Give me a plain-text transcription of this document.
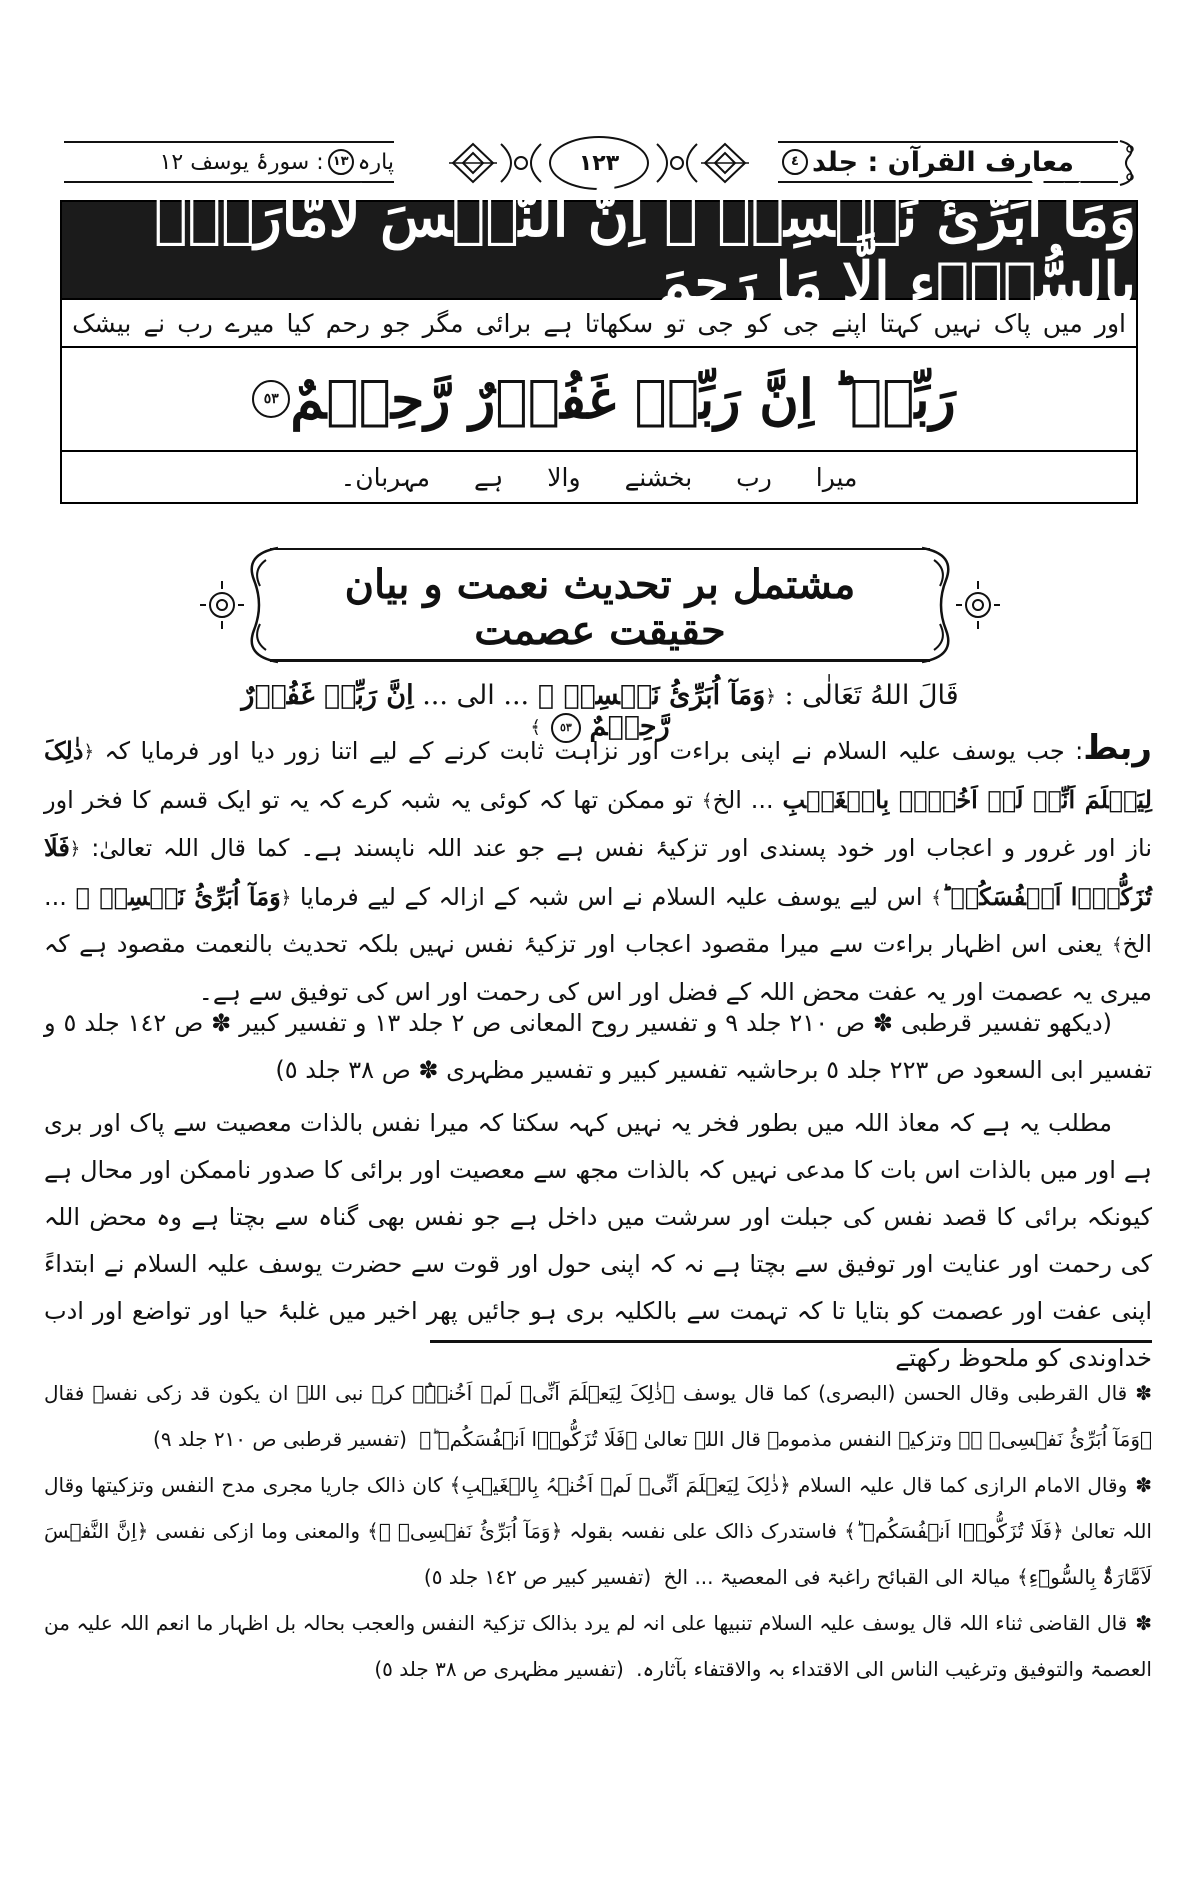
معارف القرآن : جلد
٤
١٢٣
پارہ
١٣
: سورۂ یوسف ١٢
وَمَآ اُبَرِّئُ نَفۡسِیۡ ۚ اِنَّ النَّفۡسَ لَاَمَّارَةٌۢ بِالسُّوۡٓءِ اِلَّا مَا رَحِمَ
اور
میں
پاک
نہیں
کہتا
اپنے
جی
کو
جی
تو
سکھاتا
ہے
برائی
مگر
جو
رحم
کیا
میرے
رب
نے
بیشک
رَبِّیۡ ؕ اِنَّ رَبِّیۡ غَفُوۡرٌ رَّحِیۡمٌ
٥٣
میرا
رب
بخشنے
والا
ہے
مہربان۔
مشتمل بر تحدیث نعمت و بیان حقیقت عصمت
قَالَ اللهُ تَعَالٰی : ﴿وَمَآ اُبَرِّئُ نَفۡسِیۡ ۚ ... الی ... اِنَّ رَبِّیۡ غَفُوۡرٌ رَّحِیۡمٌ ٥٣﴾
ربط: جب یوسف علیہ السلام نے اپنی براءت اور نزاہت ثابت کرنے کے لیے اتنا زور دیا اور فرمایا کہ ﴿ذٰلِکَ لِیَعۡلَمَ اَنِّیۡ لَمۡ اَخُنۡہُ بِالۡغَیۡبِ ... الخ﴾ تو ممکن تھا کہ کوئی یہ شبہ کرے کہ یہ تو ایک قسم کا فخر اور ناز اور غرور و اعجاب اور خود پسندی اور تزکیۂ نفس ہے جو عند اللہ ناپسند ہے۔ کما قال اللہ تعالیٰ: ﴿فَلَا تُزَکُّوۡۤا اَنۡفُسَکُمۡ ؕ﴾ اس لیے یوسف علیہ السلام نے اس شبہ کے ازالہ کے لیے فرمایا ﴿وَمَآ اُبَرِّئُ نَفۡسِیۡ ۚ ... الخ﴾ یعنی اس اظہار براءت سے میرا مقصود اعجاب اور تزکیۂ نفس نہیں بلکہ تحدیث بالنعمت مقصود ہے کہ میری یہ عصمت اور یہ عفت محض اللہ کے فضل اور اس کی رحمت اور اس کی توفیق سے ہے۔
(دیکھو تفسیر قرطبی ✽ ص ٢١٠ جلد ٩ و تفسیر روح المعانی ص ٢ جلد ١٣ و تفسیر کبیر ✽ ص ١٤٢ جلد ٥ و تفسیر ابی السعود ص ٢٢٣ جلد ٥ برحاشیہ تفسیر کبیر و تفسیر مظہری ✽ ص ٣٨ جلد ٥)
مطلب یہ ہے کہ معاذ اللہ میں بطور فخر یہ نہیں کہہ سکتا کہ میرا نفس بالذات معصیت سے پاک اور بری ہے اور میں بالذات اس بات کا مدعی نہیں کہ بالذات مجھ سے معصیت اور برائی کا صدور ناممکن اور محال ہے کیونکہ برائی کا قصد نفس کی جبلت اور سرشت میں داخل ہے جو نفس بھی گناہ سے بچتا ہے وہ محض اللہ کی رحمت اور عنایت اور توفیق سے بچتا ہے نہ کہ اپنی حول اور قوت سے حضرت یوسف علیہ السلام نے ابتداءً اپنی عفت اور عصمت کو بتایا تا کہ تہمت سے بالکلیہ بری ہو جائیں پھر اخیر میں غلبۂ حیا اور تواضع اور ادب خداوندی کو ملحوظ رکھتے
✽قال القرطبی وقال الحسن (البصری) کما قال یوسف ﴿ذٰلِکَ لِیَعۡلَمَ اَنِّیۡ لَمۡ اَخُنۡہُ﴾ کرہ نبی اللہ ان یکون قد زکی نفسہ فقال ﴿وَمَآ اُبَرِّئُ نَفۡسِیۡ ۚ﴾ وتزکیۃ النفس مذمومۃ قال اللہ تعالیٰ ﴿فَلَا تُزَکُّوۡۤا اَنۡفُسَکُمۡ ؕ﴾ (تفسیر قرطبی ص ٢١٠ جلد ٩)
✽وقال الامام الرازی کما قال علیہ السلام ﴿ذٰلِکَ لِیَعۡلَمَ اَنِّیۡ لَمۡ اَخُنۡہُ بِالۡغَیۡبِ﴾ کان ذالک جاریا مجری مدح النفس وتزکیتھا وقال اللہ تعالیٰ ﴿فَلَا تُزَکُّوۡۤا اَنۡفُسَکُمۡ ؕ﴾ فاستدرک ذالک علی نفسہ بقولہ ﴿وَمَآ اُبَرِّئُ نَفۡسِیۡ ۚ﴾ والمعنی وما ازکی نفسی ﴿اِنَّ النَّفۡسَ لَاَمَّارَةٌۢ بِالسُّوۡٓءِ﴾ میالۃ الی القبائح راغبۃ فی المعصیۃ ... الخ (تفسیر کبیر ص ١٤٢ جلد ٥)
✽قال القاضی ثناء اللہ قال یوسف علیہ السلام تنبیھا علی انہ لم یرد بذالک تزکیۃ النفس والعجب بحالہ بل اظہار ما انعم اللہ علیہ من العصمۃ والتوفیق وترغیب الناس الی الاقتداء بہ والاقتفاء بآثارہ. (تفسیر مظہری ص ٣٨ جلد ٥)
